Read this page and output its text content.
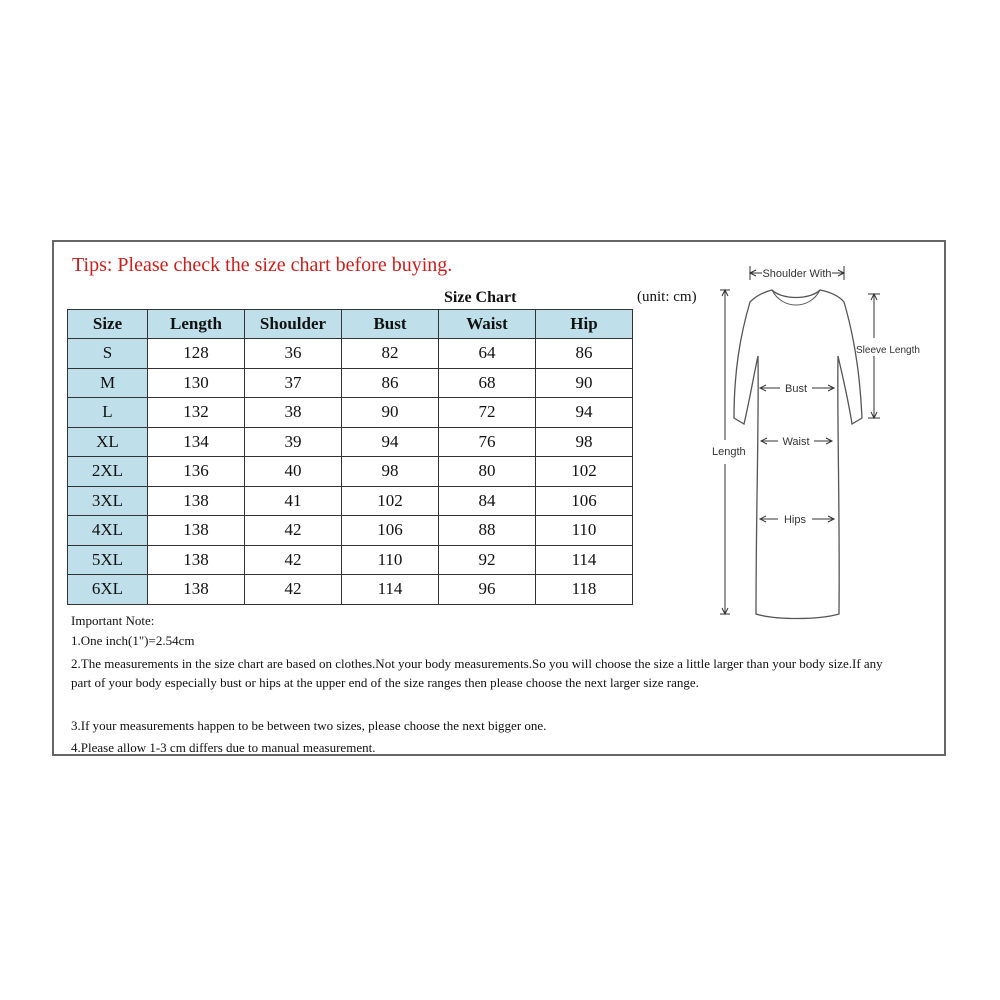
Tips: Please check the size chart before buying.
Size Chart	(unit: cm)
Size	Length	Shoulder	Bust	Waist	Hip
S	128	36	82	64	86
M	130	37	86	68	90
L	132	38	90	72	94
XL	134	39	94	76	98
2XL	136	40	98	80	102
3XL	138	41	102	84	106
4XL	138	42	106	88	110
5XL	138	42	110	92	114
6XL	138	42	114	96	118
Important Note:
1.One inch(1")=2.54cm
2.The measurements in the size chart are based on clothes.Not your body measurements.So you will choose the size a little larger than your body size.If any part of your body especially bust or hips at the upper end of the size ranges then please choose the next larger size range.
3.If your measurements happen to be between two sizes, please choose the next bigger one.
4.Please allow 1-3 cm differs due to manual measurement.
Shoulder With
Length
Sleeve Length
Bust
Waist
Hips
